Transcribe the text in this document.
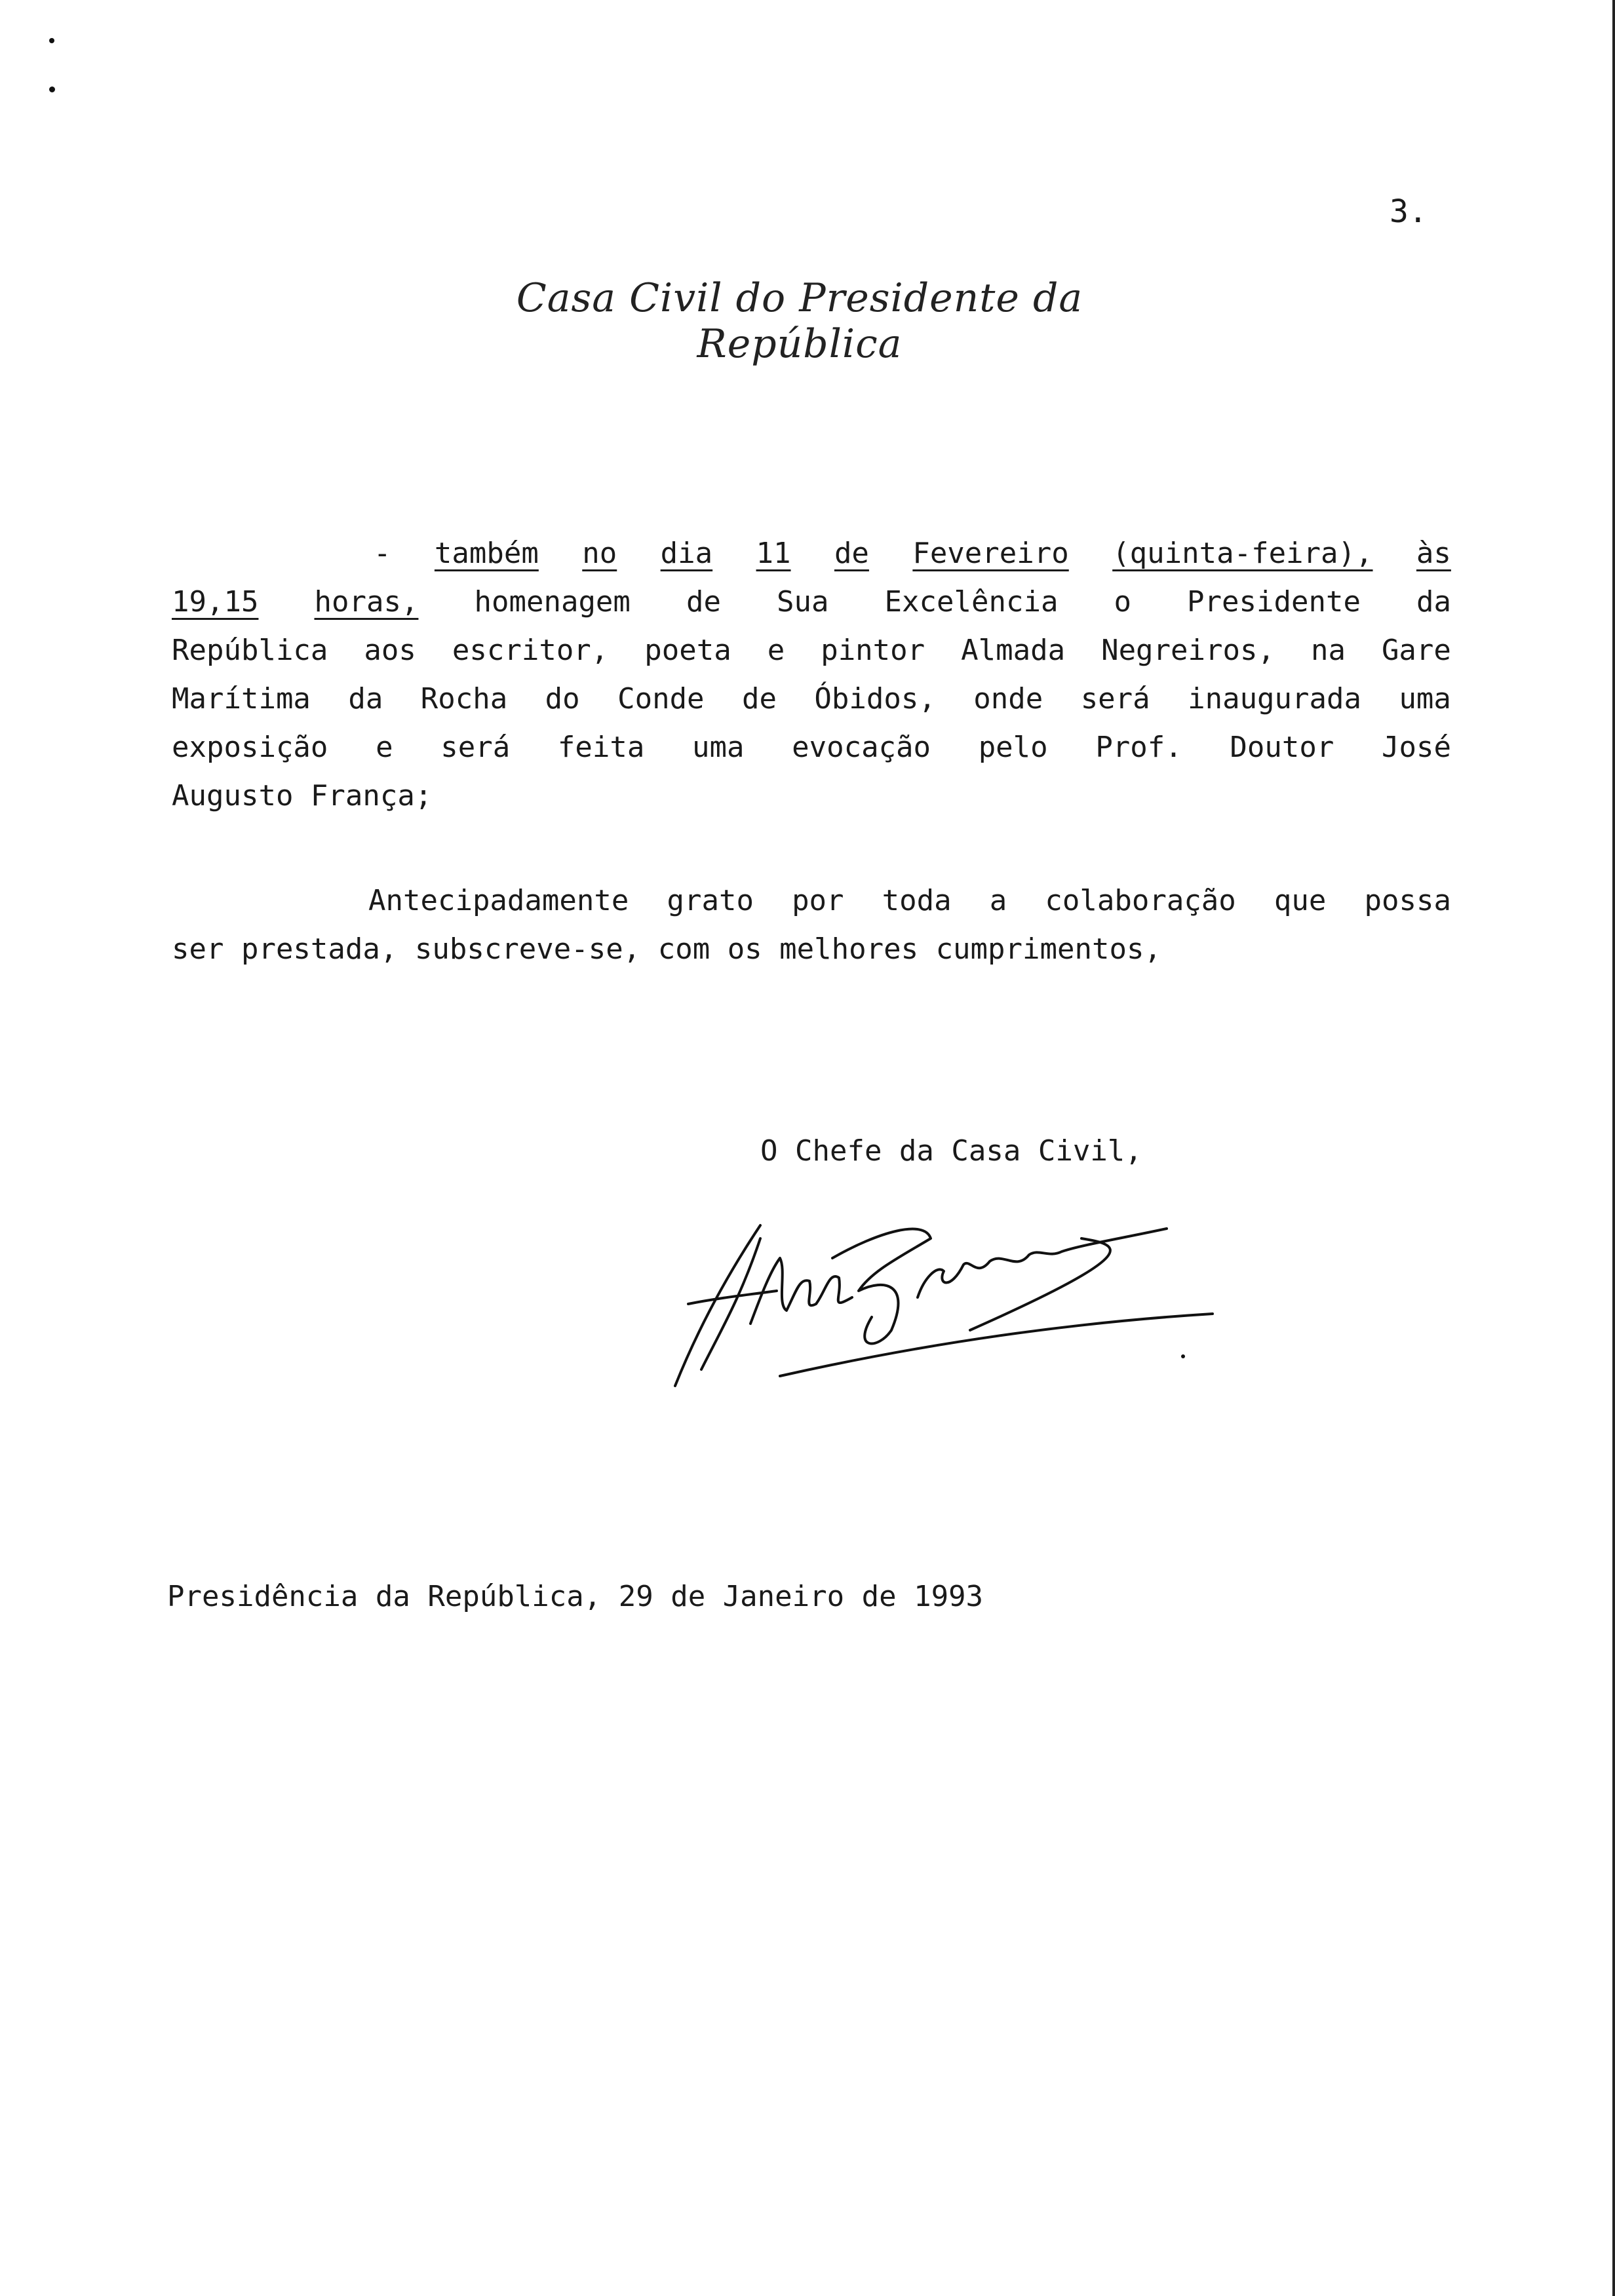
3.
Casa Civil do Presidente da República
- também no dia 11 de Fevereiro (quinta-feira), às
19,15 horas, homenagem de Sua Excelência o Presidente da
República aos escritor, poeta e pintor Almada Negreiros, na Gare
Marítima da Rocha do Conde de Óbidos, onde será inaugurada uma
exposição e será feita uma evocação pelo Prof. Doutor José
Augusto França;
Antecipadamente grato por toda a colaboração que possa
ser prestada, subscreve-se, com os melhores cumprimentos,
O Chefe da Casa Civil,
Presidência da República, 29 de Janeiro de 1993
